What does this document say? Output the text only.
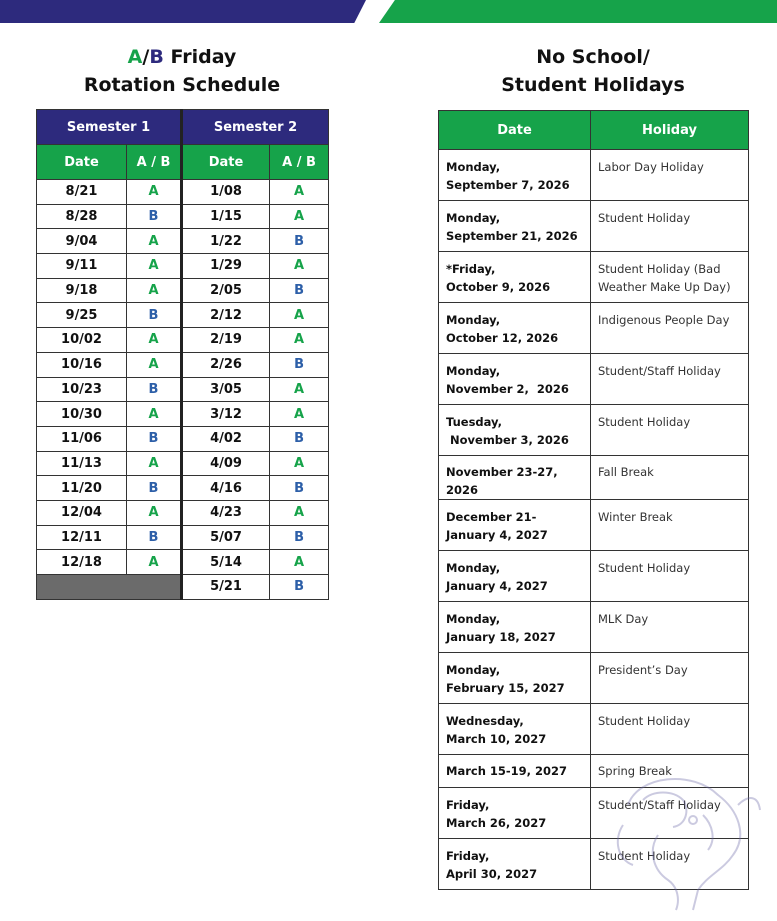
A/B Friday
Rotation Schedule
No School/
Student Holidays
Semester 1		Semester 2	
Date	A / B	Date	A / B
8/21	A	1/08	A
8/28	B	1/15	A
9/04	A	1/22	B
9/11	A	1/29	A
9/18	A	2/05	B
9/25	B	2/12	A
10/02	A	2/19	A
10/16	A	2/26	B
10/23	B	3/05	A
10/30	A	3/12	A
11/06	B	4/02	B
11/13	A	4/09	A
11/20	B	4/16	B
12/04	A	4/23	A
12/11	B	5/07	B
12/18	A	5/14	A
		5/21	B
Date	Holiday

Monday,
September 7, 2026	Labor Day Holiday

Monday,
September 21, 2026	Student Holiday

*Friday,
October 9, 2026	Student Holiday (Bad Weather Make Up Day)

Monday,
October 12, 2026	Indigenous People Day

Monday,
November 2,  2026	Student/Staff Holiday

Tuesday,
November 3, 2026	Student Holiday

November 23-27, 2026	Fall Break

December 21-
January 4, 2027	Winter Break

Monday,
January 4, 2027	Student Holiday

Monday,
January 18, 2027	MLK Day

Monday,
February 15, 2027	President’s Day

Wednesday,
March 10, 2027	Student Holiday

March 15-19, 2027	Spring Break

Friday,
March 26, 2027	Student/Staff Holiday

Friday,
April 30, 2027	Student Holiday
